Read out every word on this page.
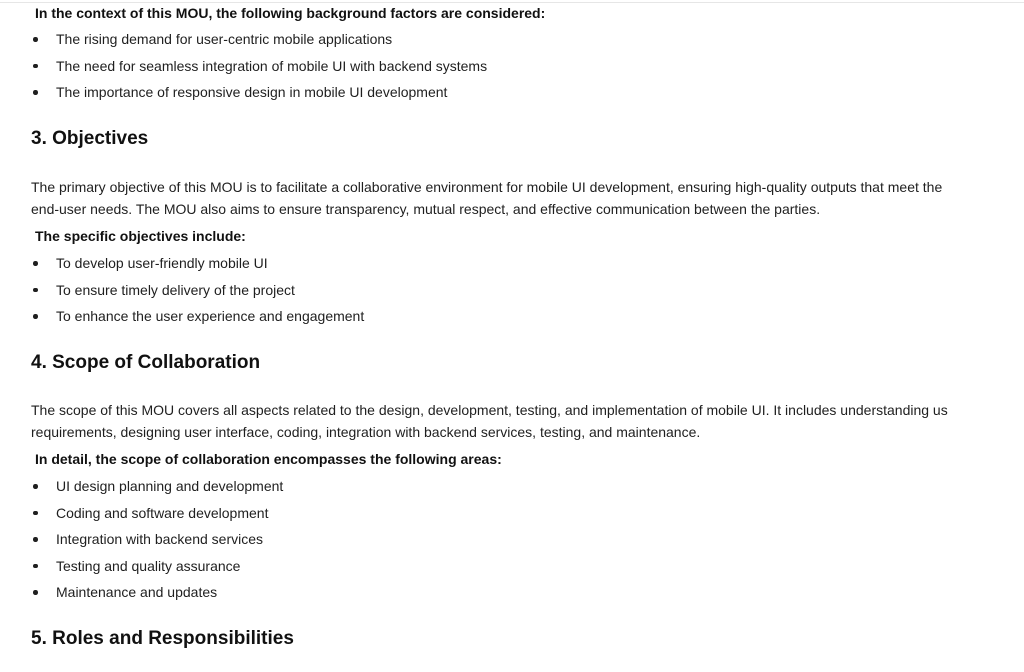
In the context of this MOU, the following background factors are considered:

The rising demand for user-centric mobile applications
The need for seamless integration of mobile UI with backend systems
The importance of responsive design in mobile UI development
3. Objectives

The primary objective of this MOU is to facilitate a collaborative environment for mobile UI development, ensuring high-quality outputs that meet the
end-user needs. The MOU also aims to ensure transparency, mutual respect, and effective communication between the parties.

The specific objectives include:

To develop user-friendly mobile UI
To ensure timely delivery of the project
To enhance the user experience and engagement
4. Scope of Collaboration

The scope of this MOU covers all aspects related to the design, development, testing, and implementation of mobile UI. It includes understanding us
requirements, designing user interface, coding, integration with backend services, testing, and maintenance.

In detail, the scope of collaboration encompasses the following areas:

UI design planning and development
Coding and software development
Integration with backend services
Testing and quality assurance
Maintenance and updates
5. Roles and Responsibilities
